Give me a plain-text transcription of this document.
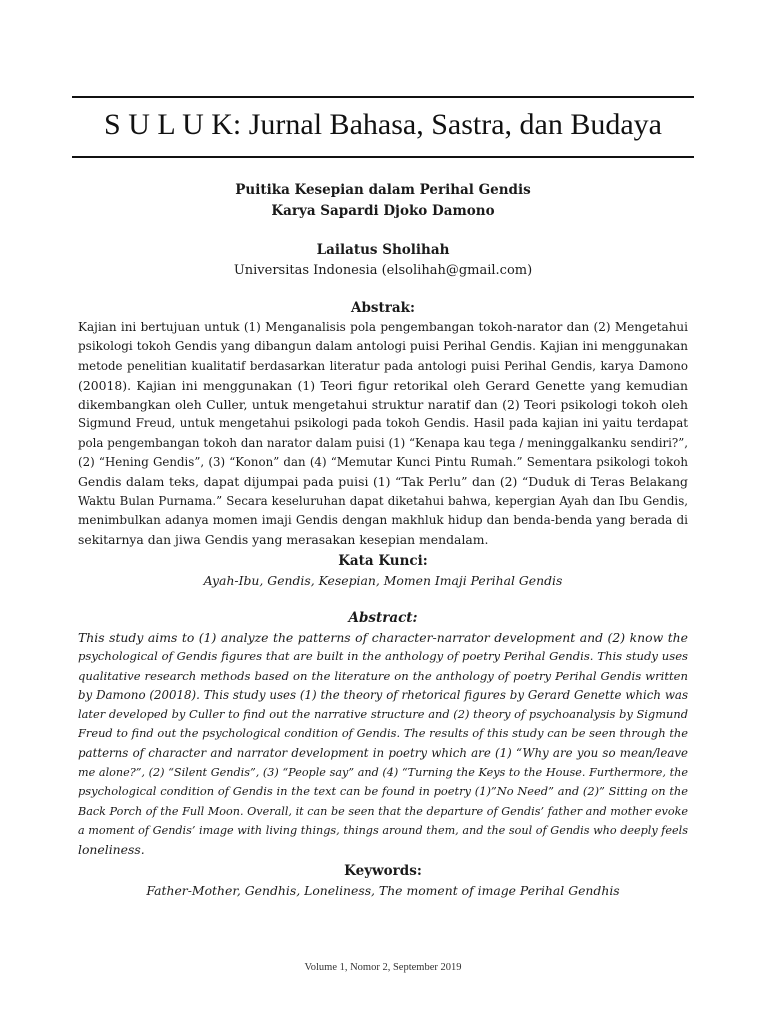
S U L U K: Jurnal Bahasa, Sastra, dan Budaya
Puitika Kesepian dalam Perihal Gendis
Karya Sapardi Djoko Damono
Lailatus Sholihah
Universitas Indonesia (elsolihah@gmail.com)
Abstrak:
Kajian ini bertujuan untuk (1) Menganalisis pola pengembangan tokoh-narator dan (2) Mengetahui
psikologi tokoh Gendis yang dibangun dalam antologi puisi Perihal Gendis. Kajian ini menggunakan
metode penelitian kualitatif berdasarkan literatur pada antologi puisi Perihal Gendis, karya Damono
(20018). Kajian ini menggunakan (1) Teori figur retorikal oleh Gerard Genette yang kemudian
dikembangkan oleh Culler, untuk mengetahui struktur naratif dan (2) Teori psikologi tokoh oleh
Sigmund Freud, untuk mengetahui psikologi pada tokoh Gendis. Hasil pada kajian ini yaitu terdapat
pola pengembangan tokoh dan narator dalam puisi (1) “Kenapa kau tega / meninggalkanku sendiri?”,
(2) “Hening Gendis”, (3) “Konon” dan (4) “Memutar Kunci Pintu Rumah.” Sementara psikologi tokoh
Gendis dalam teks, dapat dijumpai pada puisi (1) “Tak Perlu” dan (2) “Duduk di Teras Belakang
Waktu Bulan Purnama.” Secara keseluruhan dapat diketahui bahwa, kepergian Ayah dan Ibu Gendis,
menimbulkan adanya momen imaji Gendis dengan makhluk hidup dan benda-benda yang berada di
sekitarnya dan jiwa Gendis yang merasakan kesepian mendalam.
Kata Kunci:
Ayah-Ibu, Gendis, Kesepian, Momen Imaji Perihal Gendis
Abstract:
This study aims to (1) analyze the patterns of character-narrator development and (2) know the
psychological of Gendis figures that are built in the anthology of poetry Perihal Gendis. This study uses
qualitative research methods based on the literature on the anthology of poetry Perihal Gendis written
by Damono (20018). This study uses (1) the theory of rhetorical figures by Gerard Genette which was
later developed by Culler to find out the narrative structure and (2) theory of psychoanalysis by Sigmund
Freud to find out the psychological condition of Gendis. The results of this study can be seen through the
patterns of character and narrator development in poetry which are (1) “Why are you so mean/leave
me alone?”, (2) “Silent Gendis”, (3) “People say” and (4) “Turning the Keys to the House. Furthermore, the
psychological condition of Gendis in the text can be found in poetry (1)”No Need” and (2)” Sitting on the
Back Porch of the Full Moon. Overall, it can be seen that the departure of Gendis’ father and mother evoke
a moment of Gendis’ image with living things, things around them, and the soul of Gendis who deeply feels
loneliness.
Keywords:
Father-Mother, Gendhis, Loneliness, The moment of image Perihal Gendhis
Volume 1, Nomor 2, September 2019
